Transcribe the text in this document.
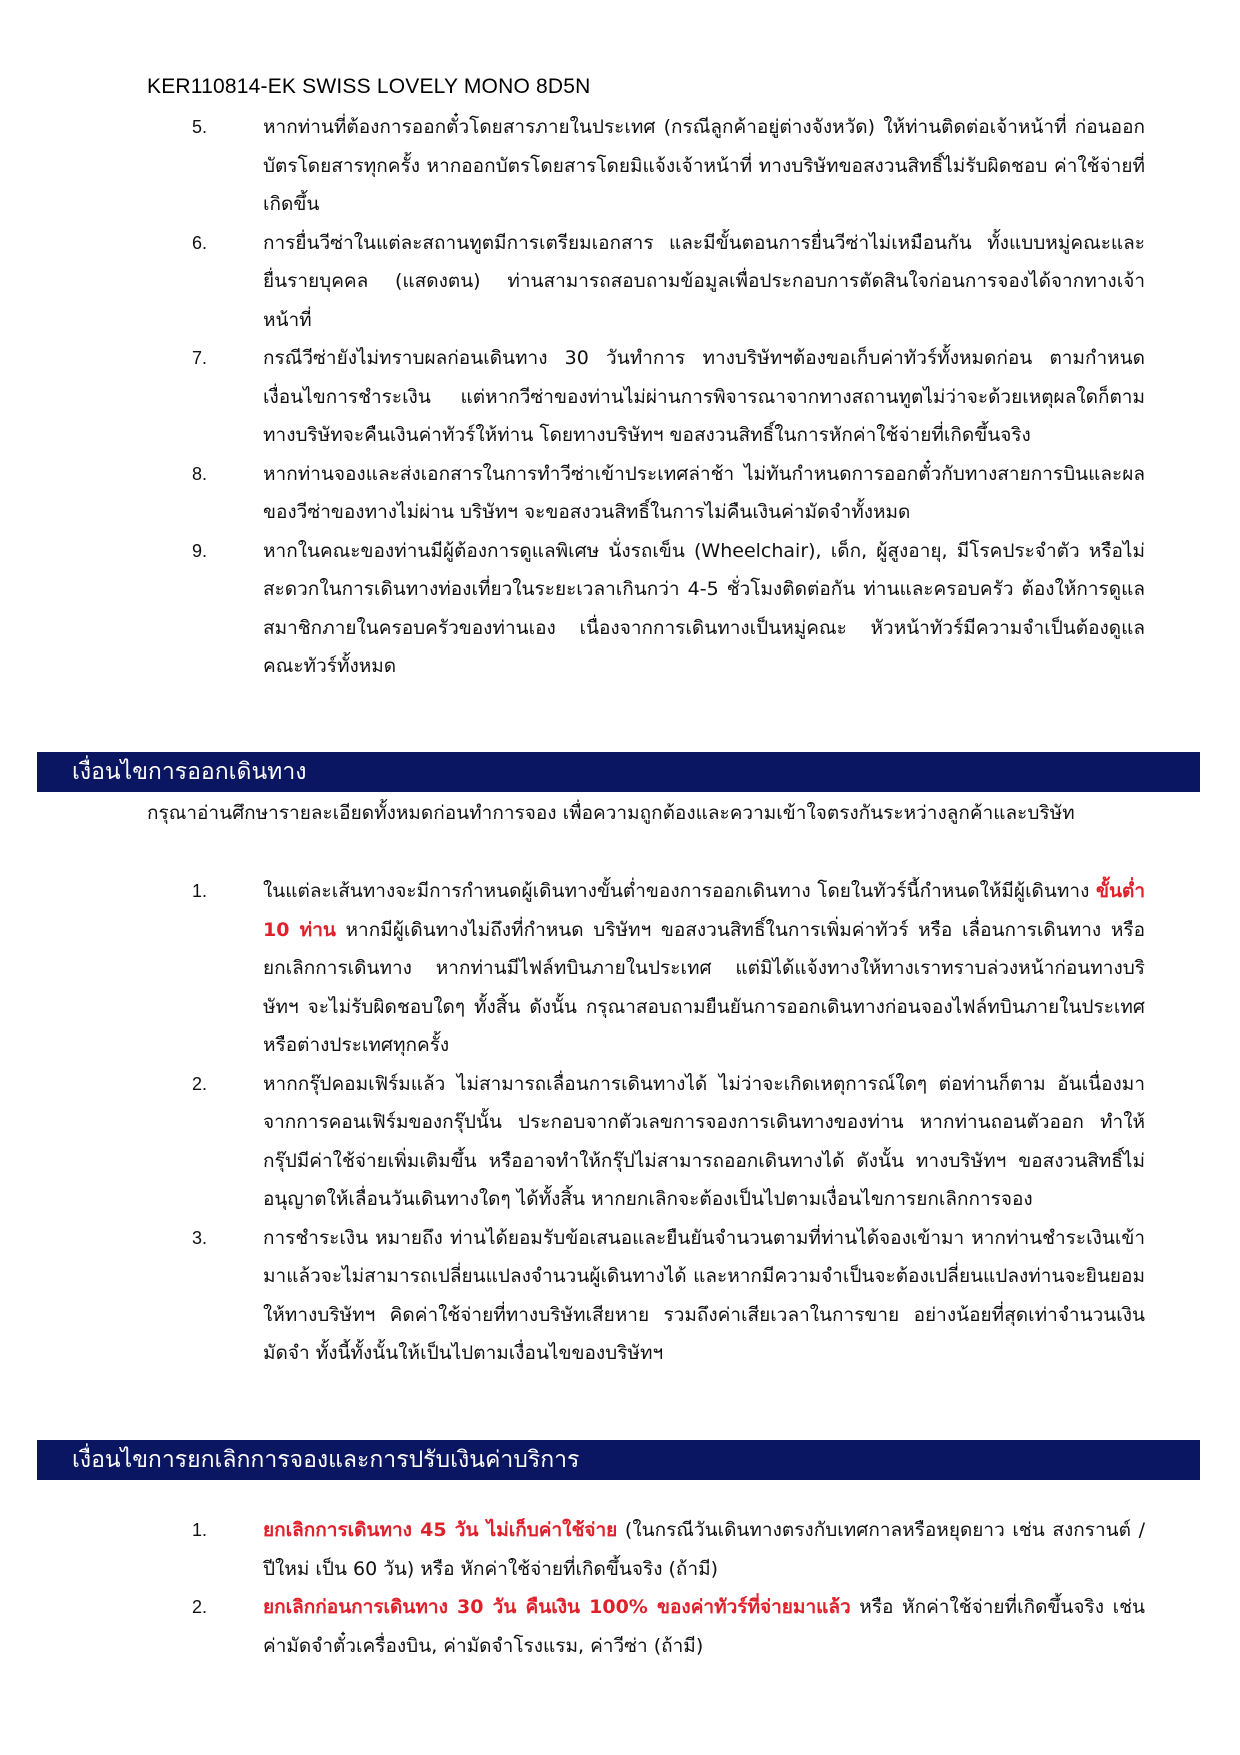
KER110814-EK SWISS LOVELY MONO 8D5N
5.	หากท่านที่ต้องการออกตั๋วโดยสารภายในประเทศ (กรณีลูกค้าอยู่ต่างจังหวัด) ให้ท่านติดต่อเจ้าหน้าที่ ก่อนออกบัตรโดยสารทุกครั้ง หากออกบัตรโดยสารโดยมิแจ้งเจ้าหน้าที่ ทางบริษัทขอสงวนสิทธิ์ไม่รับผิดชอบ ค่าใช้จ่ายที่เกิดขึ้น
6.	การยื่นวีซ่าในแต่ละสถานทูตมีการเตรียมเอกสาร และมีขั้นตอนการยื่นวีซ่าไม่เหมือนกัน ทั้งแบบหมู่คณะและยื่นรายบุคคล (แสดงตน) ท่านสามารถสอบถามข้อมูลเพื่อประกอบการตัดสินใจก่อนการจองได้จากทางเจ้าหน้าที่
7.	กรณีวีซ่ายังไม่ทราบผลก่อนเดินทาง 30 วันทำการ ทางบริษัทฯต้องขอเก็บค่าทัวร์ทั้งหมดก่อน ตามกำหนดเงื่อนไขการชำระเงิน แต่หากวีซ่าของท่านไม่ผ่านการพิจารณาจากทางสถานทูตไม่ว่าจะด้วยเหตุผลใดก็ตาม ทางบริษัทจะคืนเงินค่าทัวร์ให้ท่าน โดยทางบริษัทฯ ขอสงวนสิทธิ์ในการหักค่าใช้จ่ายที่เกิดขึ้นจริง
8.	หากท่านจองและส่งเอกสารในการทำวีซ่าเข้าประเทศล่าช้า ไม่ทันกำหนดการออกตั๋วกับทางสายการบินและผลของวีซ่าของทางไม่ผ่าน บริษัทฯ จะขอสงวนสิทธิ์ในการไม่คืนเงินค่ามัดจำทั้งหมด
9.	หากในคณะของท่านมีผู้ต้องการดูแลพิเศษ นั่งรถเข็น (Wheelchair), เด็ก, ผู้สูงอายุ, มีโรคประจำตัว หรือไม่สะดวกในการเดินทางท่องเที่ยวในระยะเวลาเกินกว่า 4-5 ชั่วโมงติดต่อกัน ท่านและครอบครัว ต้องให้การดูแลสมาชิกภายในครอบครัวของท่านเอง เนื่องจากการเดินทางเป็นหมู่คณะ หัวหน้าทัวร์มีความจำเป็นต้องดูแลคณะทัวร์ทั้งหมด
เงื่อนไขการออกเดินทาง

กรุณาอ่านศึกษารายละเอียดทั้งหมดก่อนทำการจอง เพื่อความถูกต้องและความเข้าใจตรงกันระหว่างลูกค้าและบริษัท

1.	ในแต่ละเส้นทางจะมีการกำหนดผู้เดินทางขั้นต่ำของการออกเดินทาง โดยในทัวร์นี้กำหนดให้มีผู้เดินทาง ขั้นต่ำ 10 ท่าน หากมีผู้เดินทางไม่ถึงที่กำหนด บริษัทฯ ขอสงวนสิทธิ์ในการเพิ่มค่าทัวร์ หรือ เลื่อนการเดินทาง หรือ ยกเลิกการเดินทาง หากท่านมีไฟล์ทบินภายในประเทศ แต่มิได้แจ้งทางให้ทางเราทราบล่วงหน้าก่อนทางบริษัทฯ จะไม่รับผิดชอบใดๆ ทั้งสิ้น ดังนั้น กรุณาสอบถามยืนยันการออกเดินทางก่อนจองไฟล์ทบินภายในประเทศหรือต่างประเทศทุกครั้ง
2.	หากกรุ๊ปคอมเฟิร์มแล้ว ไม่สามารถเลื่อนการเดินทางได้ ไม่ว่าจะเกิดเหตุการณ์ใดๆ ต่อท่านก็ตาม อันเนื่องมาจากการคอนเฟิร์มของกรุ๊ปนั้น ประกอบจากตัวเลขการจองการเดินทางของท่าน หากท่านถอนตัวออก ทำให้กรุ๊ปมีค่าใช้จ่ายเพิ่มเติมขึ้น หรืออาจทำให้กรุ๊ปไม่สามารถออกเดินทางได้ ดังนั้น ทางบริษัทฯ ขอสงวนสิทธิ์ไม่อนุญาตให้เลื่อนวันเดินทางใดๆ ได้ทั้งสิ้น หากยกเลิกจะต้องเป็นไปตามเงื่อนไขการยกเลิกการจอง
3.	การชำระเงิน หมายถึง ท่านได้ยอมรับข้อเสนอและยืนยันจำนวนตามที่ท่านได้จองเข้ามา หากท่านชำระเงินเข้ามาแล้วจะไม่สามารถเปลี่ยนแปลงจำนวนผู้เดินทางได้ และหากมีความจำเป็นจะต้องเปลี่ยนแปลงท่านจะยินยอมให้ทางบริษัทฯ คิดค่าใช้จ่ายที่ทางบริษัทเสียหาย รวมถึงค่าเสียเวลาในการขาย อย่างน้อยที่สุดเท่าจำนวนเงินมัดจำ ทั้งนี้ทั้งนั้นให้เป็นไปตามเงื่อนไขของบริษัทฯ
เงื่อนไขการยกเลิกการจองและการปรับเงินค่าบริการ
1.	ยกเลิกการเดินทาง 45 วัน ไม่เก็บค่าใช้จ่าย (ในกรณีวันเดินทางตรงกับเทศกาลหรือหยุดยาว เช่น สงกรานต์ / ปีใหม่ เป็น 60 วัน) หรือ หักค่าใช้จ่ายที่เกิดขึ้นจริง (ถ้ามี)
2.	ยกเลิกก่อนการเดินทาง 30 วัน คืนเงิน 100% ของค่าทัวร์ที่จ่ายมาแล้ว หรือ หักค่าใช้จ่ายที่เกิดขึ้นจริง เช่น ค่ามัดจำตั๋วเครื่องบิน, ค่ามัดจำโรงแรม, ค่าวีซ่า (ถ้ามี)
